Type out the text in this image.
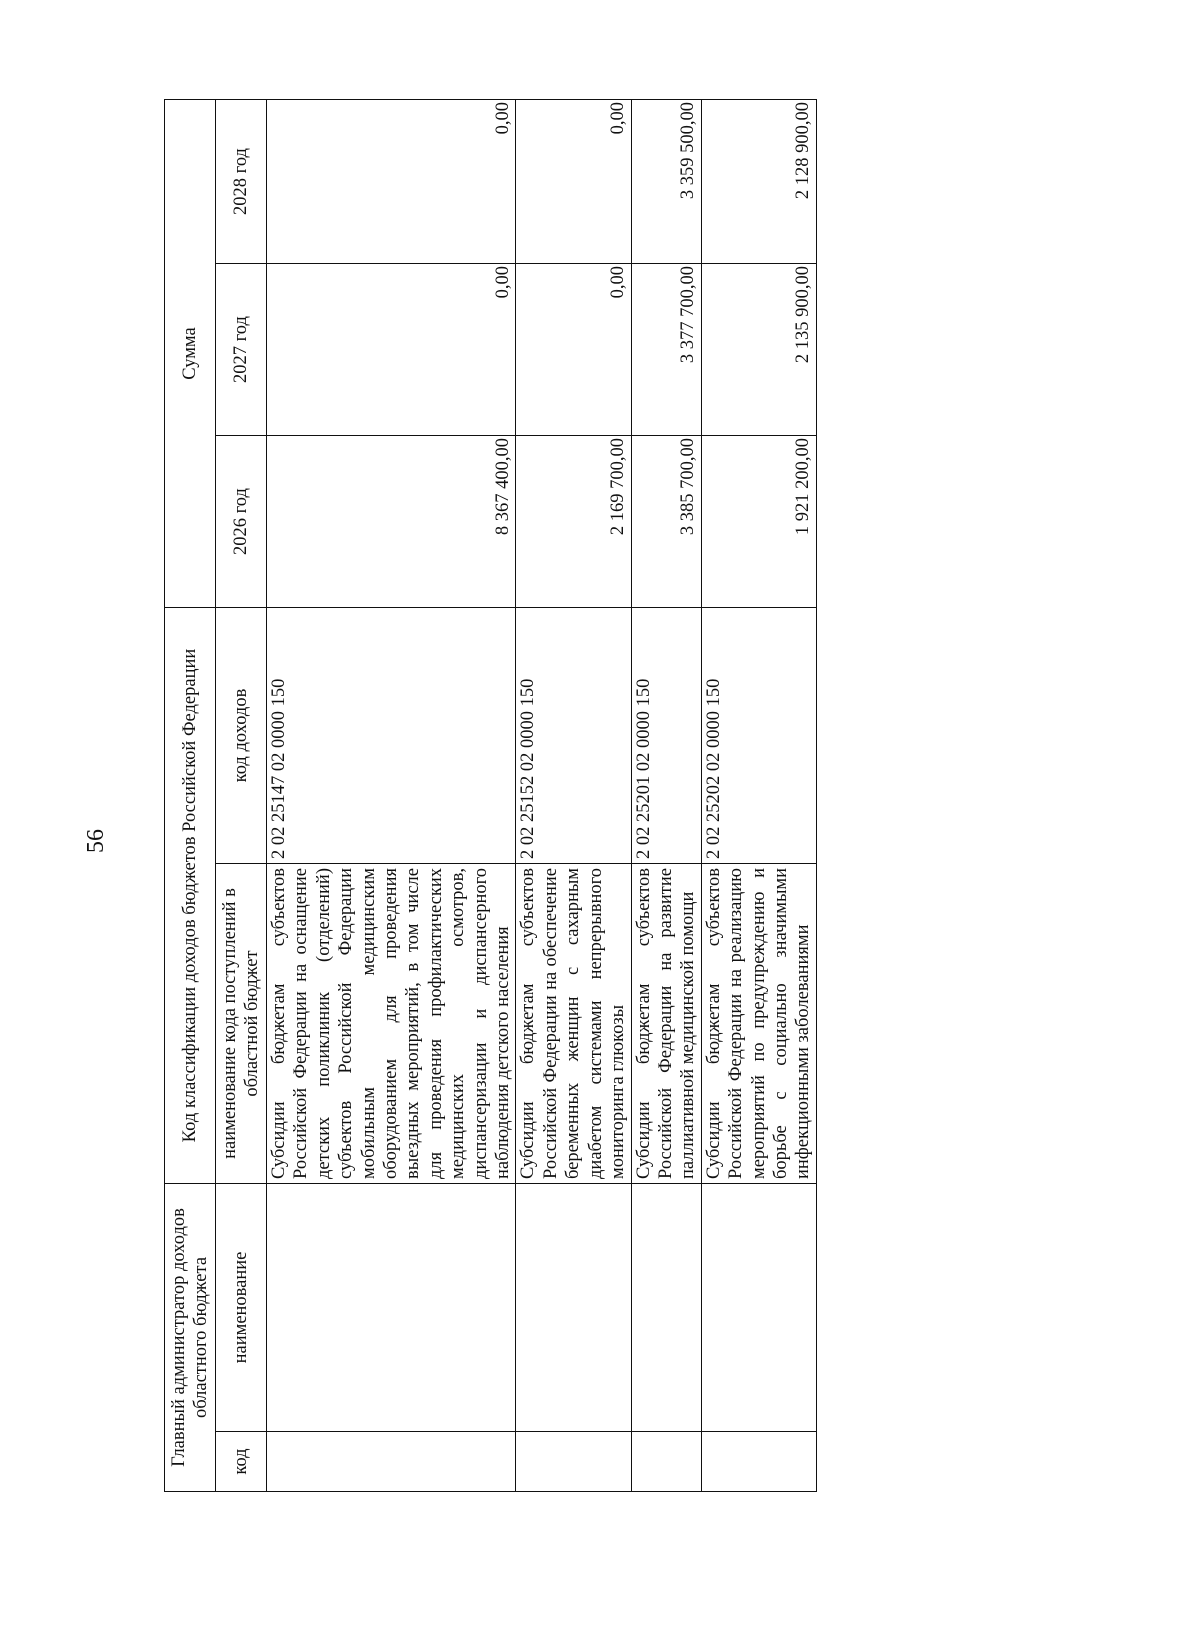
56
Главный администратор доходов областного бюджета		Код классификации доходов бюджетов Российской Федерации		Сумма		
код	наименование	наименование кода поступлений в областной бюджет	код доходов	2026 год	2027 год	2028 год
		Субсидии бюджетам субъектов Российской Федерации на оснащение детских поликлиник (отделений) субъектов Российской Федерации мобильным медицинским оборудованием для проведения выездных мероприятий, в том числе для проведения профилактических медицинских осмотров, диспансеризации и диспансерного наблюдения детского населения	2 02 25147 02 0000 150	8 367 400,00	0,00	0,00
		Субсидии бюджетам субъектов Российской Федерации на обеспечение беременных женщин с сахарным диабетом системами непрерывного мониторинга глюкозы	2 02 25152 02 0000 150	2 169 700,00	0,00	0,00
		Субсидии бюджетам субъектов Российской Федерации на развитие паллиативной медицинской помощи	2 02 25201 02 0000 150	3 385 700,00	3 377 700,00	3 359 500,00
		Субсидии бюджетам субъектов Российской Федерации на реализацию мероприятий по предупреждению и борьбе с социально значимыми инфекционными заболеваниями	2 02 25202 02 0000 150	1 921 200,00	2 135 900,00	2 128 900,00
